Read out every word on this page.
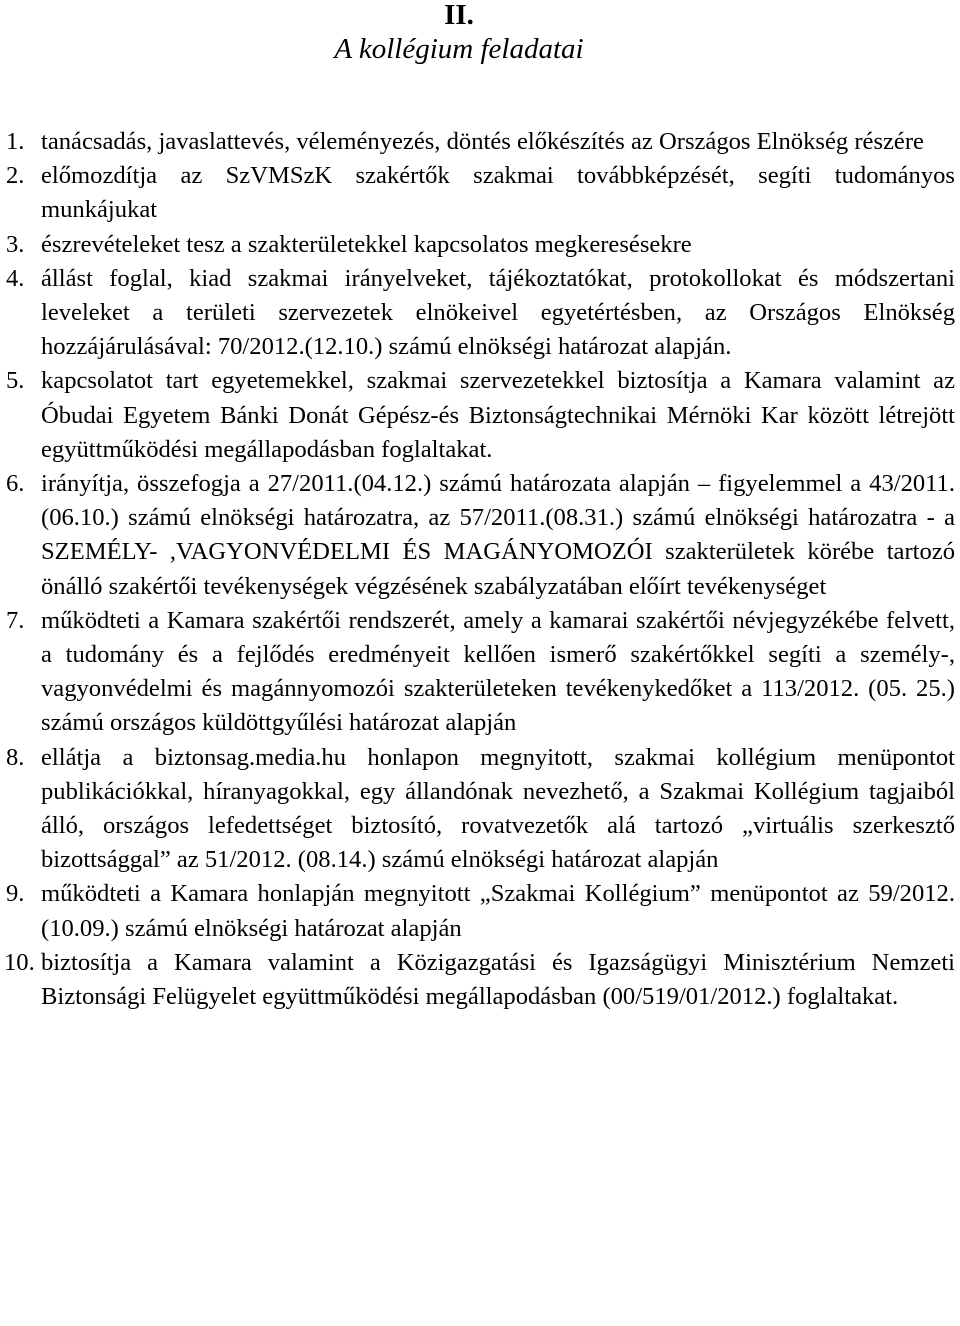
II.
A kollégium feladatai
1. tanácsadás, javaslattevés, véleményezés, döntés előkészítés az Országos Elnökség részére
2. előmozdítja az SzVMSzK szakértők szakmai továbbképzését, segíti tudományos munkájukat
3. észrevételeket tesz a szakterületekkel kapcsolatos megkeresésekre
4. állást foglal, kiad szakmai irányelveket, tájékoztatókat, protokollokat és módszertani leveleket a területi szervezetek elnökeivel egyetértésben, az Országos Elnökség hozzájárulásával: 70/2012.(12.10.) számú elnökségi határozat alapján.
5. kapcsolatot tart egyetemekkel, szakmai szervezetekkel biztosítja a Kamara valamint az Óbudai Egyetem Bánki Donát Gépész-és Biztonságtechnikai Mérnöki Kar között létrejött együttműködési megállapodásban foglaltakat.
6. irányítja, összefogja a 27/2011.(04.12.) számú határozata alapján – figyelemmel a 43/2011.(06.10.) számú elnökségi határozatra, az 57/2011.(08.31.) számú elnökségi határozatra - a SZEMÉLY- ,VAGYONVÉDELMI ÉS MAGÁNYOMOZÓI szakterületek körébe tartozó önálló szakértői tevékenységek végzésének szabályzatában előírt tevékenységet
7. működteti a Kamara szakértői rendszerét, amely a kamarai szakértői névjegyzékébe felvett, a tudomány és a fejlődés eredményeit kellően ismerő szakértőkkel segíti a személy-, vagyonvédelmi és magánnyomozói szakterületeken tevékenykedőket a 113/2012. (05. 25.) számú országos küldöttgyűlési határozat alapján
8. ellátja a biztonsag.media.hu honlapon megnyitott, szakmai kollégium menüpontot publikációkkal, híranyagokkal, egy állandónak nevezhető, a Szakmai Kollégium tagjaiból álló, országos lefedettséget biztosító, rovatvezetők alá tartozó „virtuális szerkesztő bizottsággal” az 51/2012. (08.14.) számú elnökségi határozat alapján
9. működteti a Kamara honlapján megnyitott „Szakmai Kollégium” menüpontot az 59/2012.(10.09.) számú elnökségi határozat alapján
10. biztosítja a Kamara valamint a Közigazgatási és Igazságügyi Minisztérium Nemzeti Biztonsági Felügyelet együttműködési megállapodásban (00/519/01/2012.) foglaltakat.
